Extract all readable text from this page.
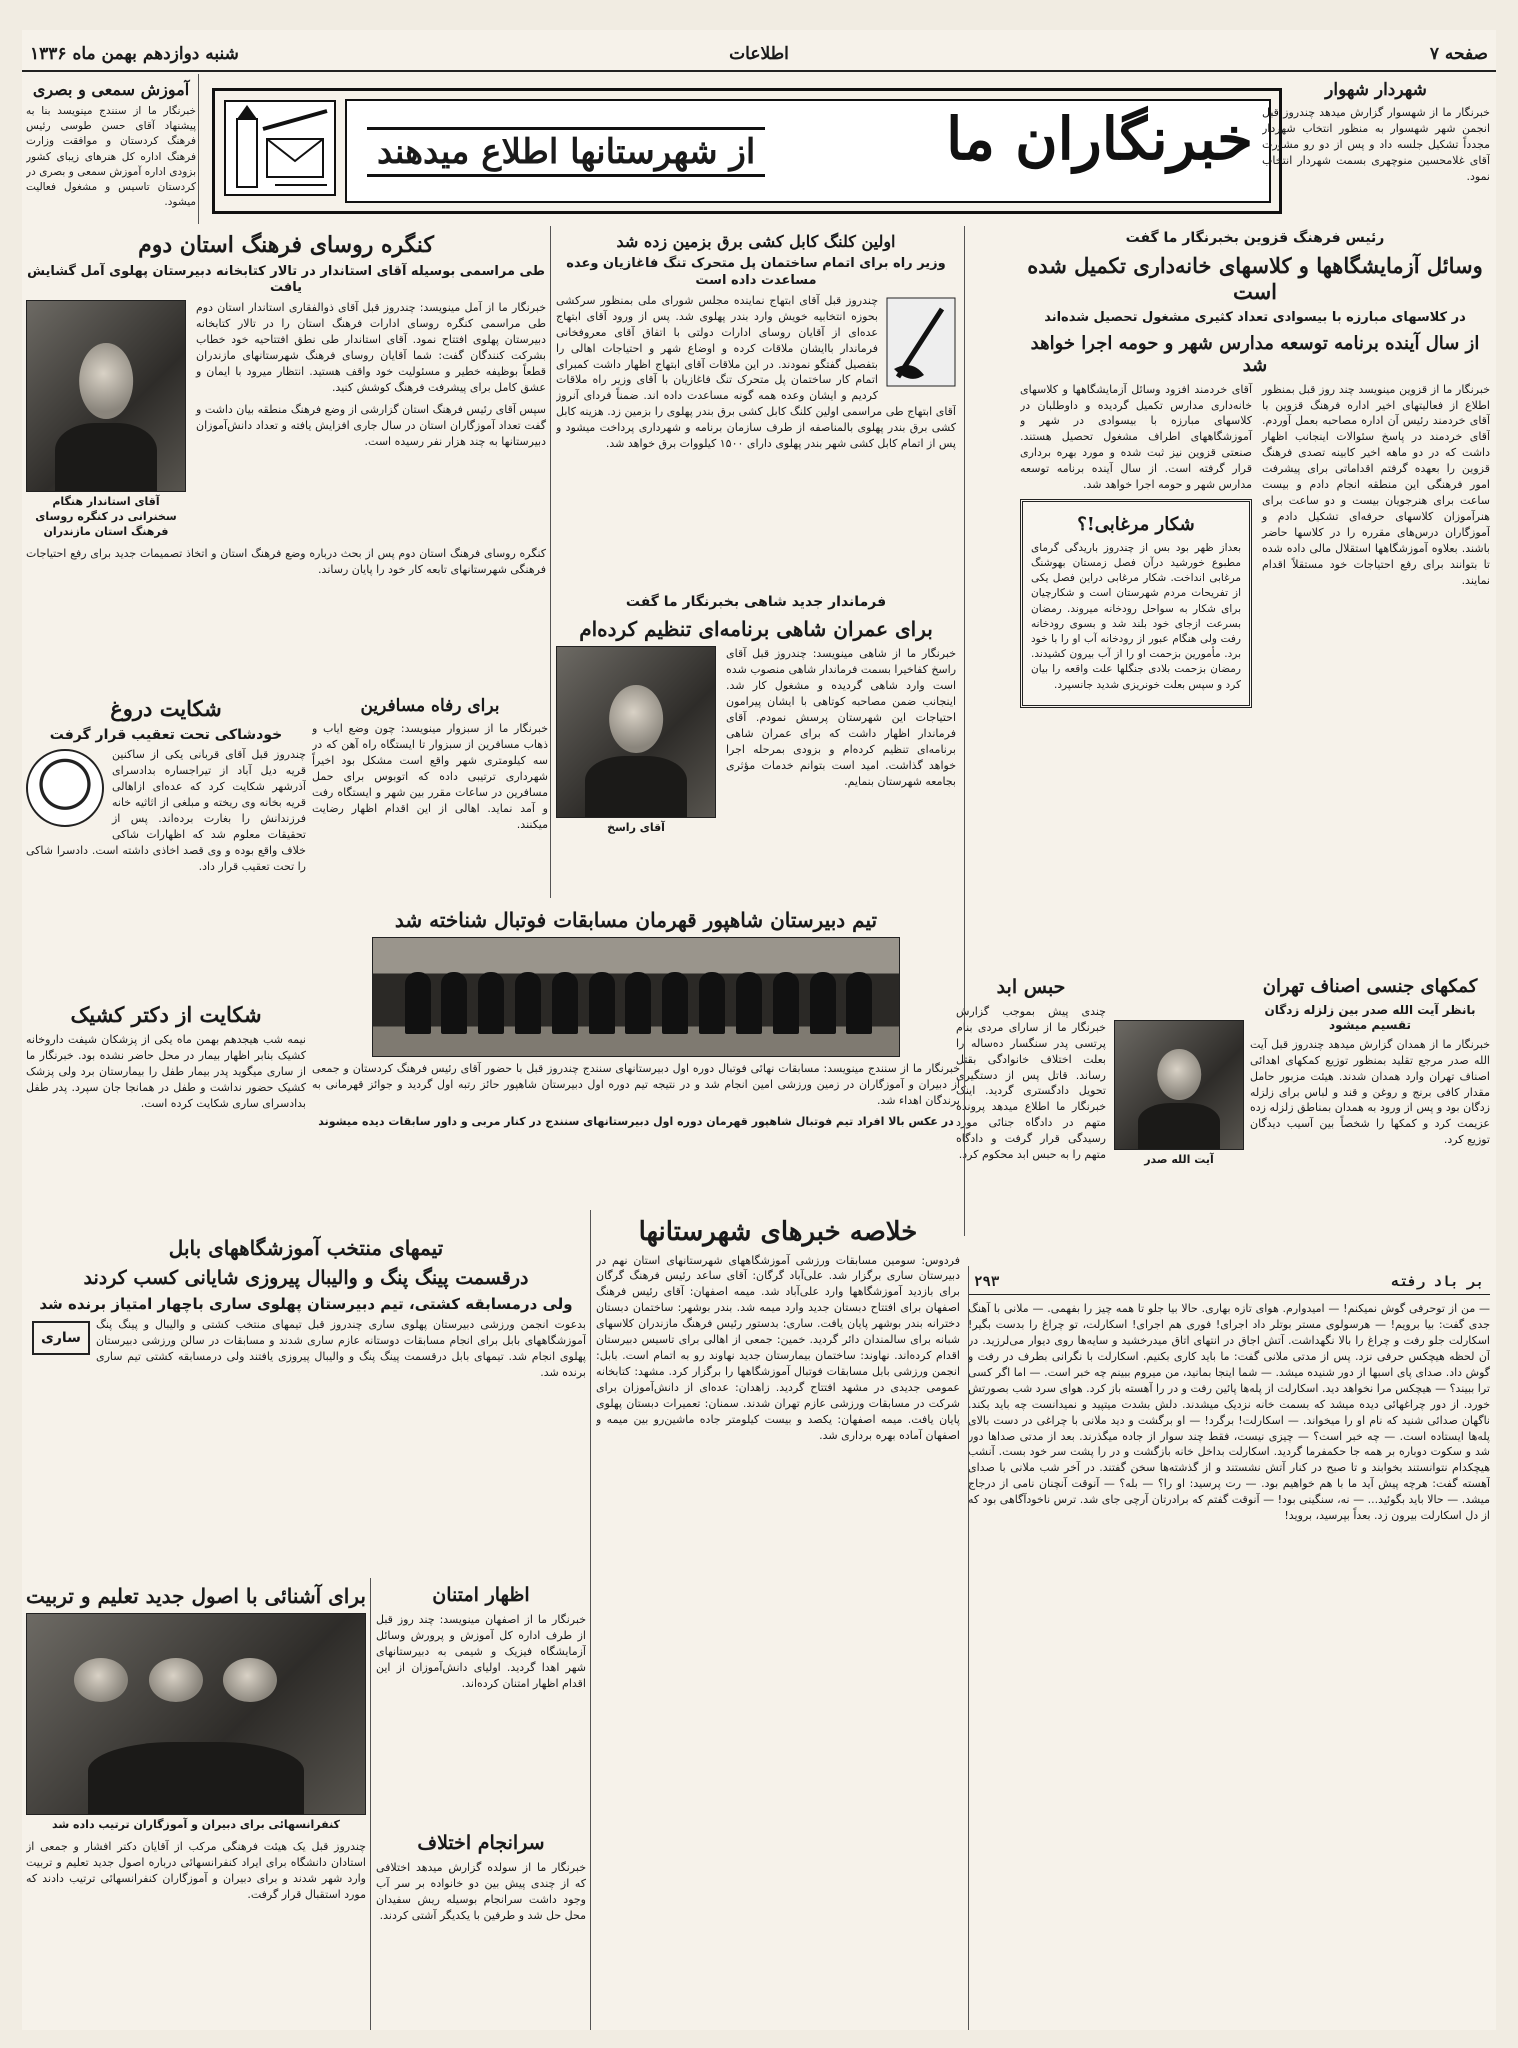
صفحه ۷
اطلاعات
شنبه دوازدهم بهمن ماه ۱۳۳۶
خبرنگاران ما
از شهرستانها اطلاع میدهند
شهردار شهوار

خبرنگار ما از شهسوار گزارش میدهد چندروز قبل انجمن شهر شهسوار به منظور انتخاب شهردار مجدداً تشکیل جلسه داد و پس از دو رو مشورت آقای غلامحسین منوچهری بسمت شهردار انتخاب نمود.

آموزش سمعی و بصری

خبرنگار ما از سنندج مینویسد بنا به پیشنهاد آقای حسن طوسی رئیس فرهنگ کردستان و موافقت وزارت فرهنگ اداره کل هنرهای زیبای کشور بزودی اداره آموزش سمعی و بصری در کردستان تاسیس و مشغول فعالیت میشود.

رئیس فرهنگ قزوین بخبرنگار ما گفت
وسائل آزمایشگاهها و کلاسهای خانه‌داری تکمیل شده است
در کلاسهای مبارزه با بیسوادی تعداد کثیری مشغول تحصیل شده‌اند
از سال آینده برنامه توسعه مدارس شهر و حومه اجرا خواهد شد

خبرنگار ما از قزوین مینویسد چند روز قبل بمنظور اطلاع از فعالیتهای اخیر اداره فرهنگ قزوین با آقای خردمند رئیس آن اداره مصاحبه بعمل آوردم. آقای خردمند در پاسخ سئوالات اینجانب اظهار داشت که در دو ماهه اخیر کابینه تصدی فرهنگ قزوین را بعهده گرفتم اقداماتی برای پیشرفت امور فرهنگی این منطقه انجام دادم و بیست ساعت برای هنرجویان بیست و دو ساعت برای هنرآموزان کلاسهای حرفه‌ای تشکیل دادم و آموزگاران درس‌های مقرره را در کلاسها حاضر باشند. بعلاوه آموزشگاهها استقلال مالی داده شده تا بتوانند برای رفع احتیاجات خود مستقلاً اقدام نمایند.

آقای خردمند افزود وسائل آزمایشگاهها و کلاسهای خانه‌داری مدارس تکمیل گردیده و داوطلبان در کلاسهای مبارزه با بیسوادی در شهر و آموزشگاههای اطراف مشغول تحصیل هستند. صنعتی قزوین نیز ثبت شده و مورد بهره برداری قرار گرفته است. از سال آینده برنامه توسعه مدارس شهر و حومه اجرا خواهد شد.

شکار مرغابی!؟

بعداز ظهر بود بس از چندروز باریدگی گرمای مطبوع خورشید درآن فصل زمستان بهوشنگ مرغابی انداخت. شکار مرغابی دراین فصل یکی از تفریحات مردم شهرستان است و شکارچیان برای شکار به سواحل رودخانه میروند. رمضان بسرعت ازجای خود بلند شد و بسوی رودخانه رفت ولی هنگام عبور از رودخانه آب او را با خود برد. مأمورین بزحمت او را از آب بیرون کشیدند. رمضان بزحمت بلادی جنگلها علت واقعه را بیان کرد و سپس بعلت خونریزی شدید جانسپرد.

کنگره روسای فرهنگ استان دوم
طی مراسمی بوسیله آقای استاندار در تالار کتابخانه دبیرستان پهلوی آمل گشایش یافت

خبرنگار ما از آمل مینویسد: چندروز قبل آقای ذوالفقاری استاندار استان دوم طی مراسمی کنگره روسای ادارات فرهنگ استان را در تالار کتابخانه دبیرستان پهلوی افتتاح نمود. آقای استاندار طی نطق افتتاحیه خود خطاب بشرکت کنندگان گفت: شما آقایان روسای فرهنگ شهرستانهای مازندران قطعاً بوظیفه خطیر و مسئولیت خود واقف هستید. انتظار میرود با ایمان و عشق کامل برای پیشرفت فرهنگ کوشش کنید.

سپس آقای رئیس فرهنگ استان گزارشی از وضع فرهنگ منطقه بیان داشت و گفت تعداد آموزگاران استان در سال جاری افزایش یافته و تعداد دانش‌آموزان دبیرستانها به چند هزار نفر رسیده است.

آقای استاندار هنگام سخنرانی در کنگره روسای فرهنگ استان مازندران

کنگره روسای فرهنگ استان دوم پس از بحث درباره وضع فرهنگ استان و اتخاذ تصمیمات جدید برای رفع احتیاجات فرهنگی شهرستانهای تابعه کار خود را پایان رساند.

اولین کلنگ کابل کشی برق بزمین زده شد
وزیر راه برای اتمام ساختمان پل متحرک تنگ فاغازیان وعده مساعدت داده است

چندروز قبل آقای ابتهاج نماینده مجلس شورای ملی بمنظور سرکشی بحوزه انتخابیه خویش وارد بندر پهلوی شد. پس از ورود آقای ابتهاج عده‌ای از آقایان روسای ادارات دولتی با اتفاق آقای معروفخانی فرماندار باایشان ملاقات کرده و اوضاع شهر و احتیاجات اهالی را بتفصیل گفتگو نمودند. در این ملاقات آقای ابتهاج اظهار داشت کمبرای اتمام کار ساختمان پل متحرک تنگ فاغازیان با آقای وزیر راه ملاقات کردیم و ایشان وعده همه گونه مساعدت داده اند. ضمناً فردای آنروز آقای ابتهاج طی مراسمی اولین کلنگ کابل کشی برق بندر پهلوی را بزمین زد. هزینه کابل کشی برق بندر پهلوی بالمناصفه از طرف سازمان برنامه و شهرداری پرداخت میشود و پس از اتمام کابل کشی شهر بندر پهلوی دارای ۱۵۰۰ کیلووات برق خواهد شد.

فرماندار جدید شاهی بخبرنگار ما گفت
برای عمران شاهی برنامه‌ای تنظیم کرده‌ام

خبرنگار ما از شاهی مینویسد: چندروز قبل آقای راسخ کفاخیرا بسمت فرماندار شاهی منصوب شده است وارد شاهی گردیده و مشغول کار شد. اینجانب ضمن مصاحبه کوتاهی با ایشان پیرامون احتیاجات این شهرستان پرسش نمودم. آقای فرماندار اظهار داشت که برای عمران شاهی برنامه‌ای تنظیم کرده‌ام و بزودی بمرحله اجرا خواهد گذاشت. امید است بتوانم خدمات مؤثری بجامعه شهرستان بنمایم.

آقای راسخ
برای رفاه مسافرین

خبرنگار ما از سبزوار مینویسد: چون وضع ایاب و ذهاب مسافرین از سبزوار تا ایستگاه راه آهن که در سه کیلومتری شهر واقع است مشکل بود اخیراً شهرداری ترتیبی داده که اتوبوس برای حمل مسافرین در ساعات مقرر بین شهر و ایستگاه رفت و آمد نماید. اهالی از این اقدام اظهار رضایت میکنند.

شکایت دروغ
خودشاکی تحت تعقیب قرار گرفت

چندروز قبل آقای قربانی یکی از ساکنین قریه دیل آباد از تیراجساره بدادسرای آذرشهر شکایت کرد که عده‌ای ازاهالی قریه بخانه وی ریخته و مبلغی از اثاثیه خانه فرزندانش را بغارت برده‌اند. پس از تحقیقات معلوم شد که اظهارات شاکی خلاف واقع بوده و وی قصد اخاذی داشته است. دادسرا شاکی را تحت تعقیب قرار داد.

کمکهای جنسی اصناف تهران
بانظر آیت الله صدر بین زلزله زدگان تقسیم میشود

خبرنگار ما از همدان گزارش میدهد چندروز قبل آیت الله صدر مرجع تقلید بمنظور توزیع کمکهای اهدائی اصناف تهران وارد همدان شدند. هیئت مزبور حامل مقدار کافی برنج و روغن و قند و لباس برای زلزله زدگان بود و پس از ورود به همدان بمناطق زلزله زده عزیمت کرد و کمکها را شخصاً بین آسیب دیدگان توزیع کرد.

آیت الله صدر
حبس ابد

چندی پیش بموجب گزارش خبرنگار ما از سارای مردی بنام پرتسی پدر سنگسار ده‌ساله را بعلت اختلاف خانوادگی بقتل رساند. قاتل پس از دستگیری تحویل دادگستری گردید. اینک خبرنگار ما اطلاع میدهد پرونده متهم در دادگاه جنائی مورد رسیدگی قرار گرفت و دادگاه متهم را به حبس ابد محکوم کرد.

تیم دبیرستان شاهپور قهرمان مسابقات فوتبال شناخته شد

خبرنگار ما از سنندج مینویسد: مسابقات نهائی فوتبال دوره اول دبیرستانهای سنندج چندروز قبل با حضور آقای رئیس فرهنگ کردستان و جمعی از دبیران و آموزگاران در زمین ورزشی امین انجام شد و در نتیجه تیم دوره اول دبیرستان شاهپور حائز رتبه اول گردید و جوائز قهرمانی به برندگان اهداء شد.

در عکس بالا افراد تیم فوتبال شاهپور قهرمان دوره اول دبیرستانهای سنندج در کنار مربی و داور سابقات دیده میشوند
شکایت از دکتر کشیک

نیمه شب هیجدهم بهمن ماه یکی از پزشکان شیفت داروخانه کشیک بنابر اظهار بیمار در محل حاضر نشده بود. خبرنگار ما از ساری میگوید پدر بیمار طفل را بیمارستان برد ولی پزشک کشیک حضور نداشت و طفل در همانجا جان سپرد. پدر طفل بدادسرای ساری شکایت کرده است.

تیمهای منتخب آموزشگاههای بابل
درقسمت پینگ پنگ و والیبال پیروزی شایانی کسب کردند
ولی درمسابقه کشتی، تیم دبیرستان پهلوی ساری باچهار امتیاز برنده شد
ساری

بدعوت انجمن ورزشی دبیرستان پهلوی ساری چندروز قبل تیمهای منتخب کشتی و والیبال و پینگ پنگ آموزشگاههای بابل برای انجام مسابقات دوستانه عازم ساری شدند و مسابقات در سالن ورزشی دبیرستان پهلوی انجام شد. تیمهای بابل درقسمت پینگ پنگ و والیبال پیروزی یافتند ولی درمسابقه کشتی تیم ساری برنده شد.

خلاصه خبرهای شهرستانها

فردوس: سومین مسابقات ورزشی آموزشگاههای شهرستانهای استان نهم در دبیرستان ساری برگزار شد. علی‌آباد گرگان: آقای ساعد رئیس فرهنگ گرگان برای بازدید آموزشگاهها وارد علی‌آباد شد. میمه اصفهان: آقای رئیس فرهنگ اصفهان برای افتتاح دبستان جدید وارد میمه شد. بندر بوشهر: ساختمان دبستان دخترانه بندر بوشهر پایان یافت. ساری: بدستور رئیس فرهنگ مازندران کلاسهای شبانه برای سالمندان دائر گردید. خمین: جمعی از اهالی برای تاسیس دبیرستان اقدام کرده‌اند. نهاوند: ساختمان بیمارستان جدید نهاوند رو به اتمام است. بابل: انجمن ورزشی بابل مسابقات فوتبال آموزشگاهها را برگزار کرد. مشهد: کتابخانه عمومی جدیدی در مشهد افتتاح گردید. زاهدان: عده‌ای از دانش‌آموزان برای شرکت در مسابقات ورزشی عازم تهران شدند. سمنان: تعمیرات دبستان پهلوی پایان یافت. میمه اصفهان: یکصد و بیست کیلومتر جاده ماشین‌رو بین میمه و اصفهان آماده بهره برداری شد.

برای آشنائی با اصول جدید تعلیم و تربیت
کنفرانسهائی برای دبیران و آموزگاران ترتیب داده شد

چندروز قبل یک هیئت فرهنگی مرکب از آقایان دکتر افشار و جمعی از استادان دانشگاه برای ایراد کنفرانسهائی درباره اصول جدید تعلیم و تربیت وارد شهر شدند و برای دبیران و آموزگاران کنفرانسهائی ترتیب دادند که مورد استقبال قرار گرفت.

اظهار امتنان

خبرنگار ما از اصفهان مینویسد: چند روز قبل از طرف اداره کل آموزش و پرورش وسائل آزمایشگاه فیزیک و شیمی به دبیرستانهای شهر اهدا گردید. اولیای دانش‌آموزان از این اقدام اظهار امتنان کرده‌اند.

سرانجام اختلاف

خبرنگار ما از سولده گزارش میدهد اختلافی که از چندی پیش بین دو خانواده بر سر آب وجود داشت سرانجام بوسیله ریش سفیدان محل حل شد و طرفین با یکدیگر آشتی کردند.

بر باد رفته
۲۹۳

— من از توحرفی گوش نمیکنم! — امیدوارم. هوای تازه بهاری. حالا بیا جلو تا همه چیز را بفهمی. — ملانی با آهنگ جدی گفت: بیا برویم! — هرسولوی مستر بوتلر داد اجرای! فوری هم اجرای! اسکارلت، تو چراغ را بدست بگیر! اسکارلت جلو رفت و چراغ را بالا نگهداشت. آتش اجاق در انتهای اتاق میدرخشید و سایه‌ها روی دیوار می‌لرزید. در آن لحظه هیچکس حرفی نزد. پس از مدتی ملانی گفت: ما باید کاری بکنیم. اسکارلت با نگرانی بطرف در رفت و گوش داد. صدای پای اسبها از دور شنیده میشد. — شما اینجا بمانید، من میروم ببینم چه خبر است. — اما اگر کسی ترا ببیند؟ — هیچکس مرا نخواهد دید. اسکارلت از پله‌ها پائین رفت و در را آهسته باز کرد. هوای سرد شب بصورتش خورد. از دور چراغهائی دیده میشد که بسمت خانه نزدیک میشدند. دلش بشدت میتپید و نمیدانست چه باید بکند. ناگهان صدائی شنید که نام او را میخواند. — اسکارلت! برگرد! — او برگشت و دید ملانی با چراغی در دست بالای پله‌ها ایستاده است. — چه خبر است؟ — چیزی نیست، فقط چند سوار از جاده میگذرند. بعد از مدتی صداها دور شد و سکوت دوباره بر همه جا حکمفرما گردید. اسکارلت بداخل خانه بازگشت و در را پشت سر خود بست. آنشب هیچکدام نتوانستند بخوابند و تا صبح در کنار آتش نشستند و از گذشته‌ها سخن گفتند. در آخر شب ملانی با صدای آهسته گفت: هرچه پیش آید ما با هم خواهیم بود. — رت پرسید: او را؟ — بله؟ — آنوقت آنچنان نامی از درجاج میشد. — حالا باید بگوئید... — نه، سنگینی بود! — آنوقت گفتم که برادرتان آرچی جای شد. ترس ناخودآگاهی بود که از دل اسکارلت بیرون زد. بعداً بپرسید، بروید!
